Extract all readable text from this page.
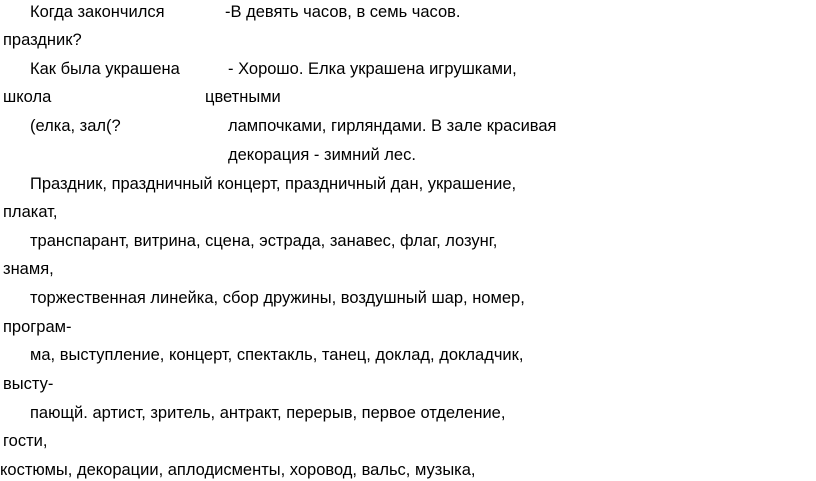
Когда закончился	-В девять часов, в семь часов.
праздник?
Как была украшена	- Хорошо. Елка украшена игрушками,
школа	цветными
(елка, зал(?	лампочками, гирляндами. В зале красивая
декорация - зимний лес.
Праздник, праздничный концерт, праздничный дан, украшение,
плакат,
транспарант, витрина, сцена, эстрада, занавес, флаг, лозунг,
знамя,
торжественная линейка, сбор дружины, воздушный шар, номер,
програм-
ма, выступление, концерт, спектакль, танец, доклад, докладчик,
высту-
пающй. артист, зритель, антракт, перерыв, первое отделение,
гости,
костюмы, декорации, аплодисменты, хоровод, вальс, музыка,
